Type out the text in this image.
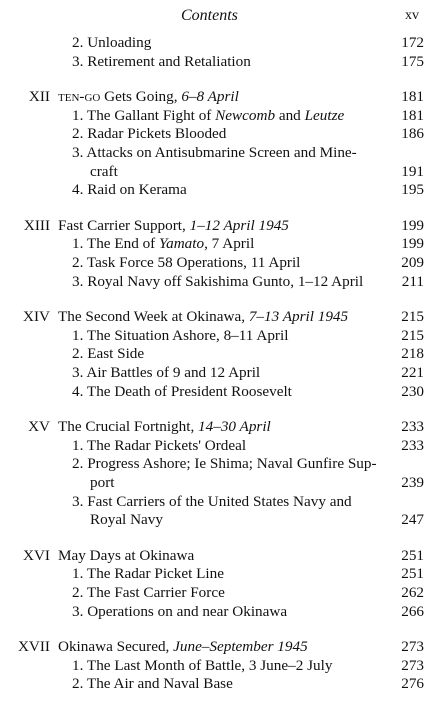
Contents	xv
2. Unloading	172
3. Retirement and Retaliation	175
XII ten-go Gets Going, 6–8 April	181
1. The Gallant Fight of Newcomb and Leutze	181
2. Radar Pickets Blooded	186
3. Attacks on Antisubmarine Screen and Mine-
craft	191
4. Raid on Kerama	195
XIII Fast Carrier Support, 1–12 April 1945	199
1. The End of Yamato, 7 April	199
2. Task Force 58 Operations, 11 April	209
3. Royal Navy off Sakishima Gunto, 1–12 April	211
XIV The Second Week at Okinawa, 7–13 April 1945	215
1. The Situation Ashore, 8–11 April	215
2. East Side	218
3. Air Battles of 9 and 12 April	221
4. The Death of President Roosevelt	230
XV The Crucial Fortnight, 14–30 April	233
1. The Radar Pickets' Ordeal	233
2. Progress Ashore; Ie Shima; Naval Gunfire Sup-
port	239
3. Fast Carriers of the United States Navy and
Royal Navy	247
XVI May Days at Okinawa	251
1. The Radar Picket Line	251
2. The Fast Carrier Force	262
3. Operations on and near Okinawa	266
XVII Okinawa Secured, June–September 1945	273
1. The Last Month of Battle, 3 June–2 July	273
2. The Air and Naval Base	276
